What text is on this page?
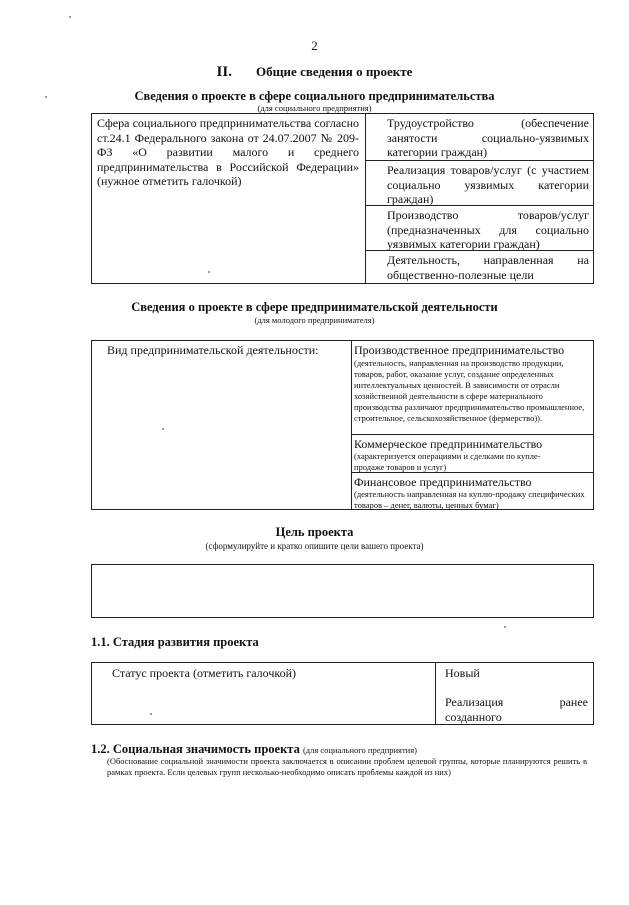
2
II. Общие сведения о проекте
Сведения о проекте в сфере социального предпринимательства
(для социального предприятия)
Сфера социального предпринимательства согласно ст.24.1 Федерального закона от 24.07.2007 № 209-ФЗ «О развитии малого и среднего предпринимательства в Российской Федерации» (нужное отметить галочкой)
Трудоустройство (обеспечение занятости социально-уязвимых категории граждан)
Реализация товаров/услуг (с участием социально уязвимых категории граждан)
Производство товаров/услуг (предназначенных для социально уязвимых категории граждан)
Деятельность, направленная на общественно-полезные цели
Сведения о проекте в сфере предпринимательской деятельности
(для молодого предпринимателя)
Вид предпринимательской деятельности:	Производственное предпринимательство
(деятельность, направленная на производство продукции, товаров, работ, оказание услуг, создание определенных интеллектуальных ценностей. В зависимости от отрасли хозяйственной деятельности в сфере материального производства различают предпринимательство промышленное, строительное, сельскохозяйственное (фермерство)).
Коммерческое предпринимательство
(характеризуется операциями и сделками по купле-продаже товаров и услуг)
Финансовое предпринимательство
(деятельность направленная на куплю-продажу специфических товаров – денег, валюты, ценных бумаг)
Цель проекта
(сформулируйте и кратко опишите цели вашего проекта)
1.1. Стадия развития проекта
Статус проекта (отметить галочкой)	Новый
Реализация ранее созданного
1.2. Социальная значимость проекта (для социального предприятия)
(Обоснование социальной значимости проекта заключается в описании проблем целевой группы, которые планируются решить в рамках проекта. Если целевых групп несколько-необходимо описать проблемы каждой из них)
